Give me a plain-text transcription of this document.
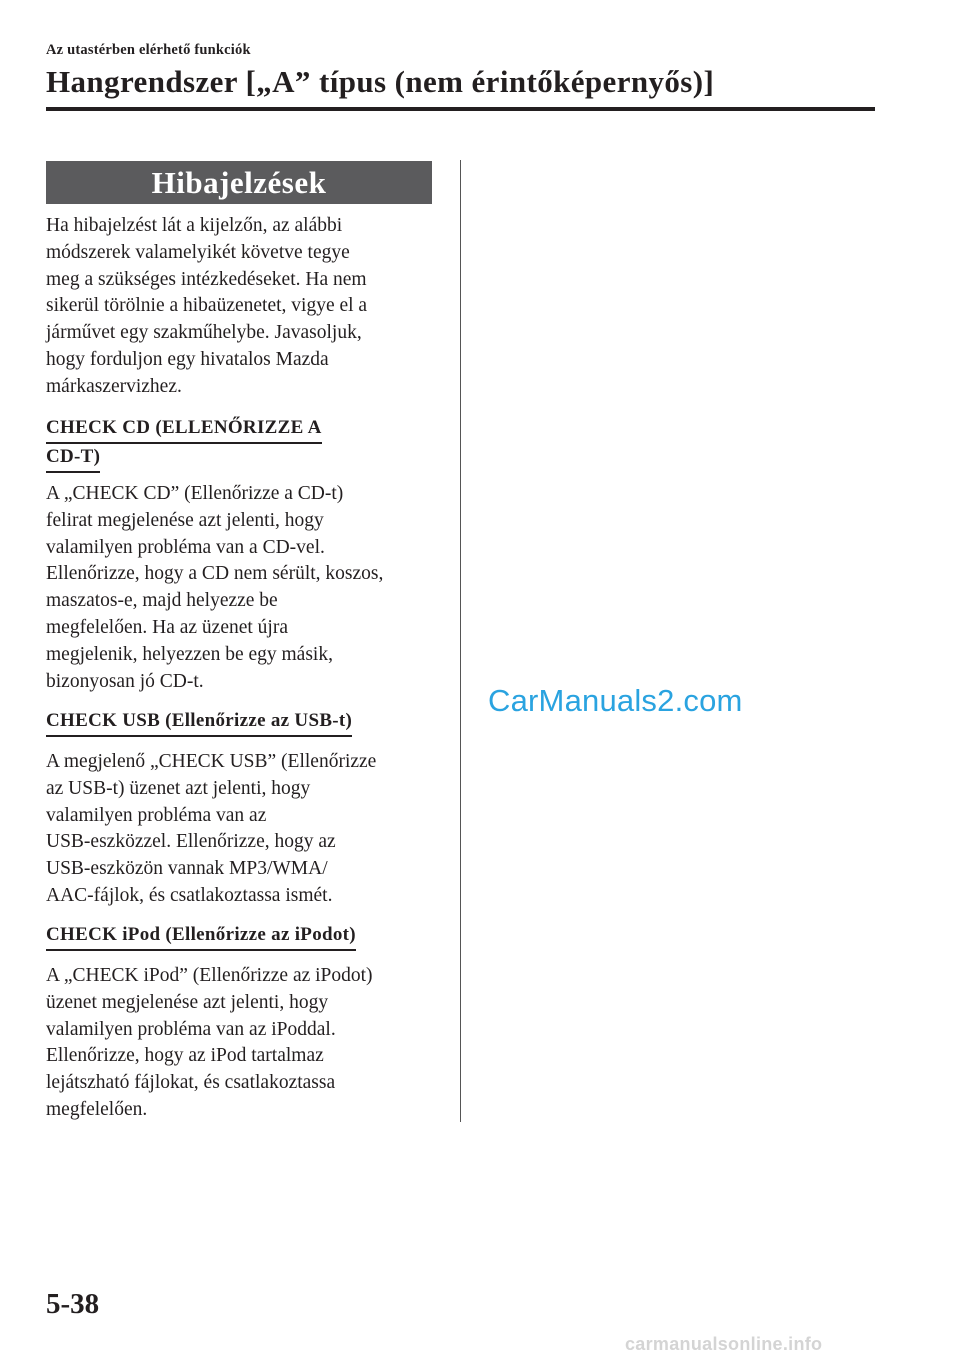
Az utastérben elérhető funkciók
Hangrendszer [„A” típus (nem érintőképernyős)]
Hibajelzések

Ha hibajelzést lát a kijelzőn, az alábbi
módszerek valamelyikét követve tegye
meg a szükséges intézkedéseket. Ha nem
sikerül törölnie a hibaüzenetet, vigye el a
járművet egy szakműhelybe. Javasoljuk,
hogy forduljon egy hivatalos Mazda
márkaszervizhez.

CHECK CD (ELLENŐRIZZE A
CD-T)

A „CHECK CD” (Ellenőrizze a CD-t)
felirat megjelenése azt jelenti, hogy
valamilyen probléma van a CD-vel.
Ellenőrizze, hogy a CD nem sérült, koszos,
maszatos-e, majd helyezze be
megfelelően. Ha az üzenet újra
megjelenik, helyezzen be egy másik,
bizonyosan jó CD-t.

CHECK USB (Ellenőrizze az USB-t)

A megjelenő „CHECK USB” (Ellenőrizze
az USB-t) üzenet azt jelenti, hogy
valamilyen probléma van az
USB-eszközzel. Ellenőrizze, hogy az
USB-eszközön vannak MP3/WMA/
AAC-fájlok, és csatlakoztassa ismét.

CHECK iPod (Ellenőrizze az iPodot)

A „CHECK iPod” (Ellenőrizze az iPodot)
üzenet megjelenése azt jelenti, hogy
valamilyen probléma van az iPoddal.
Ellenőrizze, hogy az iPod tartalmaz
lejátszható fájlokat, és csatlakoztassa
megfelelően.

CarManuals2.com
5-38
carmanualsonline.info
